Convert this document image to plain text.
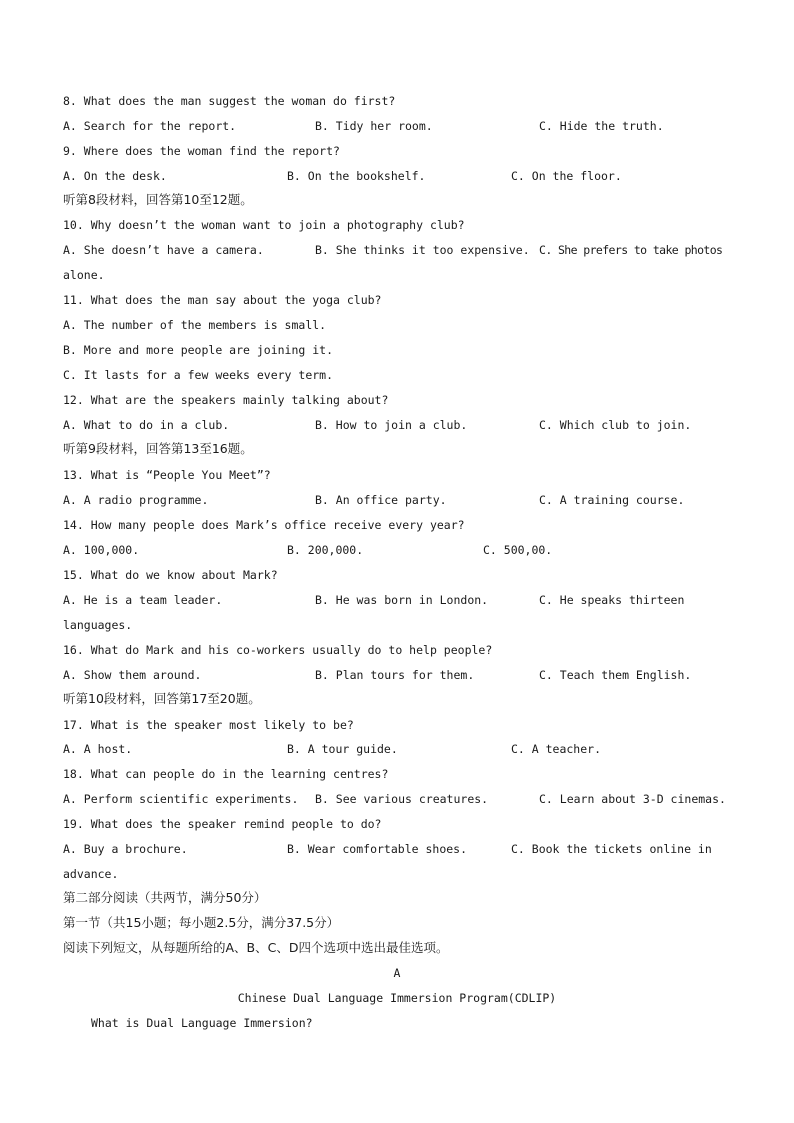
8. What does the man suggest the woman do first?
A. Search for the report.	B. Tidy her room.	C. Hide the truth.
9. Where does the woman find the report?
A. On the desk.	B. On the bookshelf.	C. On the floor.
听第8段材料，回答第10至12题。
10. Why doesn’t the woman want to join a photography club?
A. She doesn’t have a camera.	B. She thinks it too expensive. C. She prefers to take photos
alone.
11. What does the man say about the yoga club?
A. The number of the members is small.
B. More and more people are joining it.
C. It lasts for a few weeks every term.
12. What are the speakers mainly talking about?
A. What to do in a club.	B. How to join a club.	C. Which club to join.
听第9段材料，回答第13至16题。
13. What is “People You Meet”?
A. A radio programme.	B. An office party.	C. A training course.
14. How many people does Mark’s office receive every year?
A. 100,000.	B. 200,000.	C. 500,00.
15. What do we know about Mark?
A. He is a team leader.	B. He was born in London.	C. He speaks thirteen
languages.
16. What do Mark and his co-workers usually do to help people?
A. Show them around.	B. Plan tours for them.	C. Teach them English.
听第10段材料，回答第17至20题。
17. What is the speaker most likely to be?
A. A host.	B. A tour guide.	C. A teacher.
18. What can people do in the learning centres?
A. Perform scientific experiments. B. See various creatures.	C. Learn about 3-D cinemas.
19. What does the speaker remind people to do?
A. Buy a brochure.	B. Wear comfortable shoes.	C. Book the tickets online in
advance.
第二部分阅读（共两节，满分50分）
第一节（共15小题；每小题2.5分，满分37.5分）
阅读下列短文，从每题所给的A、B、C、D四个选项中选出最佳选项。
A
Chinese Dual Language Immersion Program(CDLIP)
What is Dual Language Immersion?
